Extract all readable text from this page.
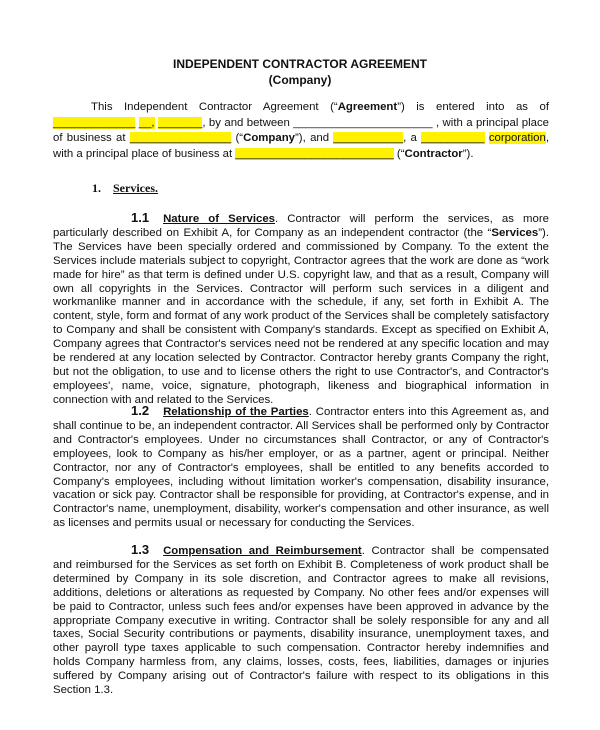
INDEPENDENT CONTRACTOR AGREEMENT
(Company)
This Independent Contractor Agreement (“Agreement”) is entered into as of _____________ __, _______, by and between ______________________ , with a principal place of business at ________________ (“Company”), and ___________, a __________ corporation, with a principal place of business at _________________________ (“Contractor”).
1. Services.
1.1 Nature of Services. Contractor will perform the services, as more particularly described on Exhibit A, for Company as an independent contractor (the “Services”). The Services have been specially ordered and commissioned by Company. To the extent the Services include materials subject to copyright, Contractor agrees that the work are done as “work made for hire” as that term is defined under U.S. copyright law, and that as a result, Company will own all copyrights in the Services. Contractor will perform such services in a diligent and workmanlike manner and in accordance with the schedule, if any, set forth in Exhibit A. The content, style, form and format of any work product of the Services shall be completely satisfactory to Company and shall be consistent with Company's standards. Except as specified on Exhibit A, Company agrees that Contractor's services need not be rendered at any specific location and may be rendered at any location selected by Contractor. Contractor hereby grants Company the right, but not the obligation, to use and to license others the right to use Contractor's, and Contractor's employees', name, voice, signature, photograph, likeness and biographical information in connection with and related to the Services.
1.2 Relationship of the Parties. Contractor enters into this Agreement as, and shall continue to be, an independent contractor. All Services shall be performed only by Contractor and Contractor's employees. Under no circumstances shall Contractor, or any of Contractor's employees, look to Company as his/her employer, or as a partner, agent or principal. Neither Contractor, nor any of Contractor's employees, shall be entitled to any benefits accorded to Company's employees, including without limitation worker's compensation, disability insurance, vacation or sick pay. Contractor shall be responsible for providing, at Contractor's expense, and in Contractor's name, unemployment, disability, worker's compensation and other insurance, as well as licenses and permits usual or necessary for conducting the Services.
1.3 Compensation and Reimbursement. Contractor shall be compensated and reimbursed for the Services as set forth on Exhibit B. Completeness of work product shall be determined by Company in its sole discretion, and Contractor agrees to make all revisions, additions, deletions or alterations as requested by Company. No other fees and/or expenses will be paid to Contractor, unless such fees and/or expenses have been approved in advance by the appropriate Company executive in writing. Contractor shall be solely responsible for any and all taxes, Social Security contributions or payments, disability insurance, unemployment taxes, and other payroll type taxes applicable to such compensation. Contractor hereby indemnifies and holds Company harmless from, any claims, losses, costs, fees, liabilities, damages or injuries suffered by Company arising out of Contractor's failure with respect to its obligations in this Section 1.3.
